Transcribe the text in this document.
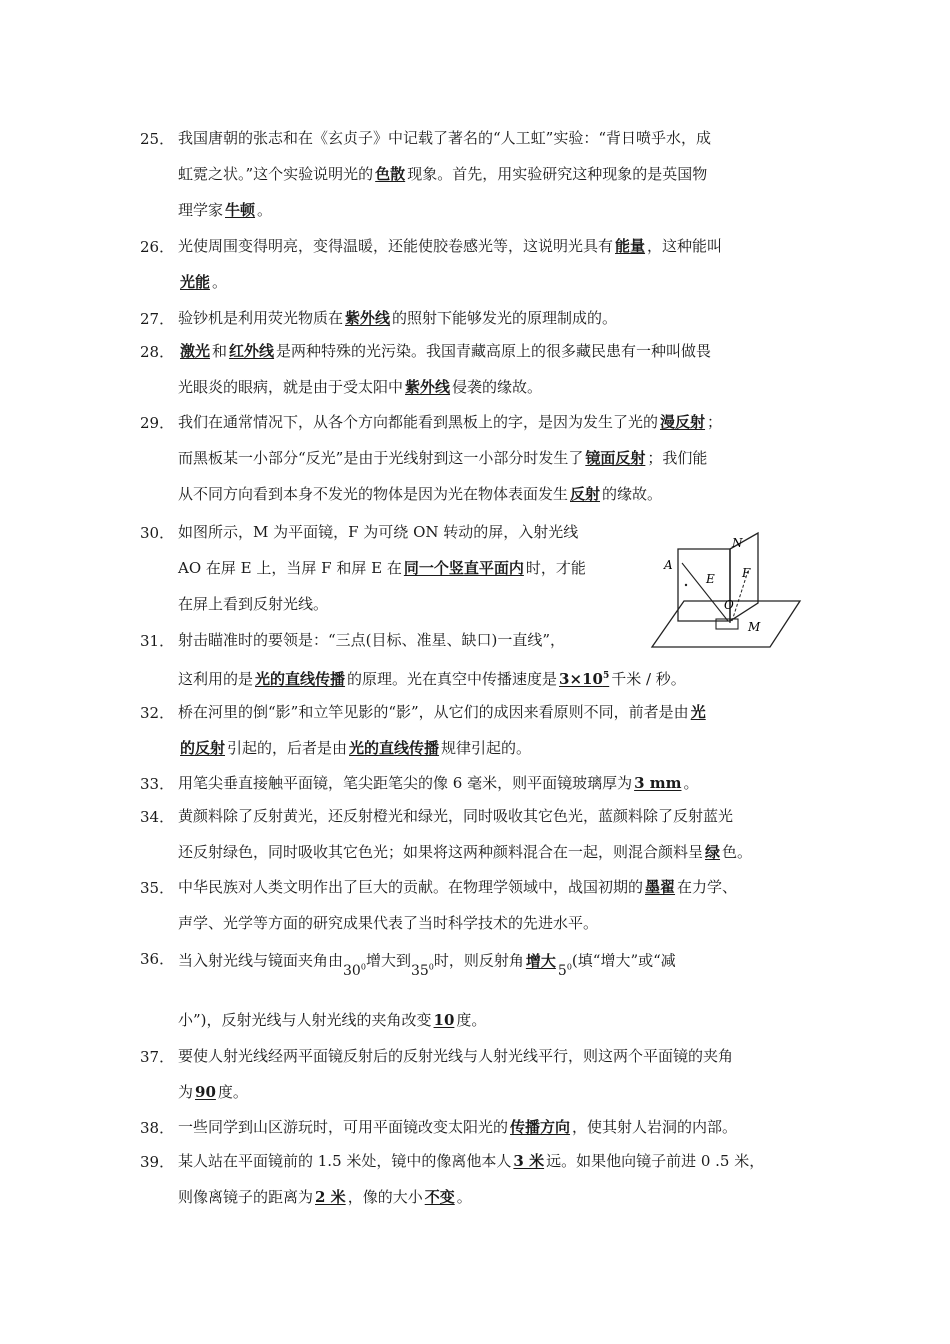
25． 我国唐朝的张志和在《玄贞子》中记载了著名的“人工虹”实验：“背日喷乎水，成
虹霓之状。”这个实验说明光的 色散 现象。首先，用实验研究这种现象的是英国物
理学家 牛顿 。
26． 光使周围变得明亮，变得温暖，还能使胶卷感光等，这说明光具有 能量 ，这种能叫
光能 。
27． 验钞机是利用荧光物质在 紫外线 的照射下能够发光的原理制成的。
28． 激光 和 红外线 是两种特殊的光污染。我国青藏高原上的很多藏民患有一种叫做畏
光眼炎的眼病，就是由于受太阳中 紫外线 侵袭的缘故。
29． 我们在通常情况下，从各个方向都能看到黑板上的字，是因为发生了光的 漫反射 ；
而黑板某一小部分“反光”是由于光线射到这一小部分时发生了 镜面反射 ；我们能
从不同方向看到本身不发光的物体是因为光在物体表面发生 反射 的缘故。
30． 如图所示，M 为平面镜，F 为可绕 ON 转动的屏，入射光线
AO 在屏 E 上，当屏 F 和屏 E 在 同一个竖直平面内 时，才能
在屏上看到反射光线。
31． 射击瞄准时的要领是：“三点(目标、准星、缺口)一直线”，
这利用的是 光的直线传播 的原理。光在真空中传播速度是 $3\times 10^5$ 千米 / 秒。
32． 桥在河里的倒“影”和立竿见影的“影”，从它们的成因来看原则不同，前者是由 光
的反射 引起的，后者是由 光的直线传播 规律引起的。
33． 用笔尖垂直接触平面镜，笔尖距笔尖的像 6 毫米，则平面镜玻璃厚为 3 mm 。
34． 黄颜料除了反射黄光，还反射橙光和绿光，同时吸收其它色光，蓝颜料除了反射蓝光
还反射绿色，同时吸收其它色光；如果将这两种颜料混合在一起，则混合颜料呈 绿 色。
35． 中华民族对人类文明作出了巨大的贡献。在物理学领域中，战国初期的 墨翟 在力学、
声学、光学等方面的研究成果代表了当时科学技术的先进水平。
36． 当入射光线与镜面夹角由$30^0$增大到$35^0$时，则反射角 增大$5^0$(填“增大”或“减
小”)，反射光线与人射光线的夹角改变 10 度。
37． 要使人射光线经两平面镜反射后的反射光线与人射光线平行，则这两个平面镜的夹角
为 90 度。
38． 一些同学到山区游玩时，可用平面镜改变太阳光的 传播方向 ，使其射人岩洞的内部。
39． 某人站在平面镜前的 1.5 米处，镜中的像离他本人 3 米 远。如果他向镜子前进 0 .5 米，
则像离镜子的距离为 2 米 ，像的大小 不变 。
N
A
E F
O
M
